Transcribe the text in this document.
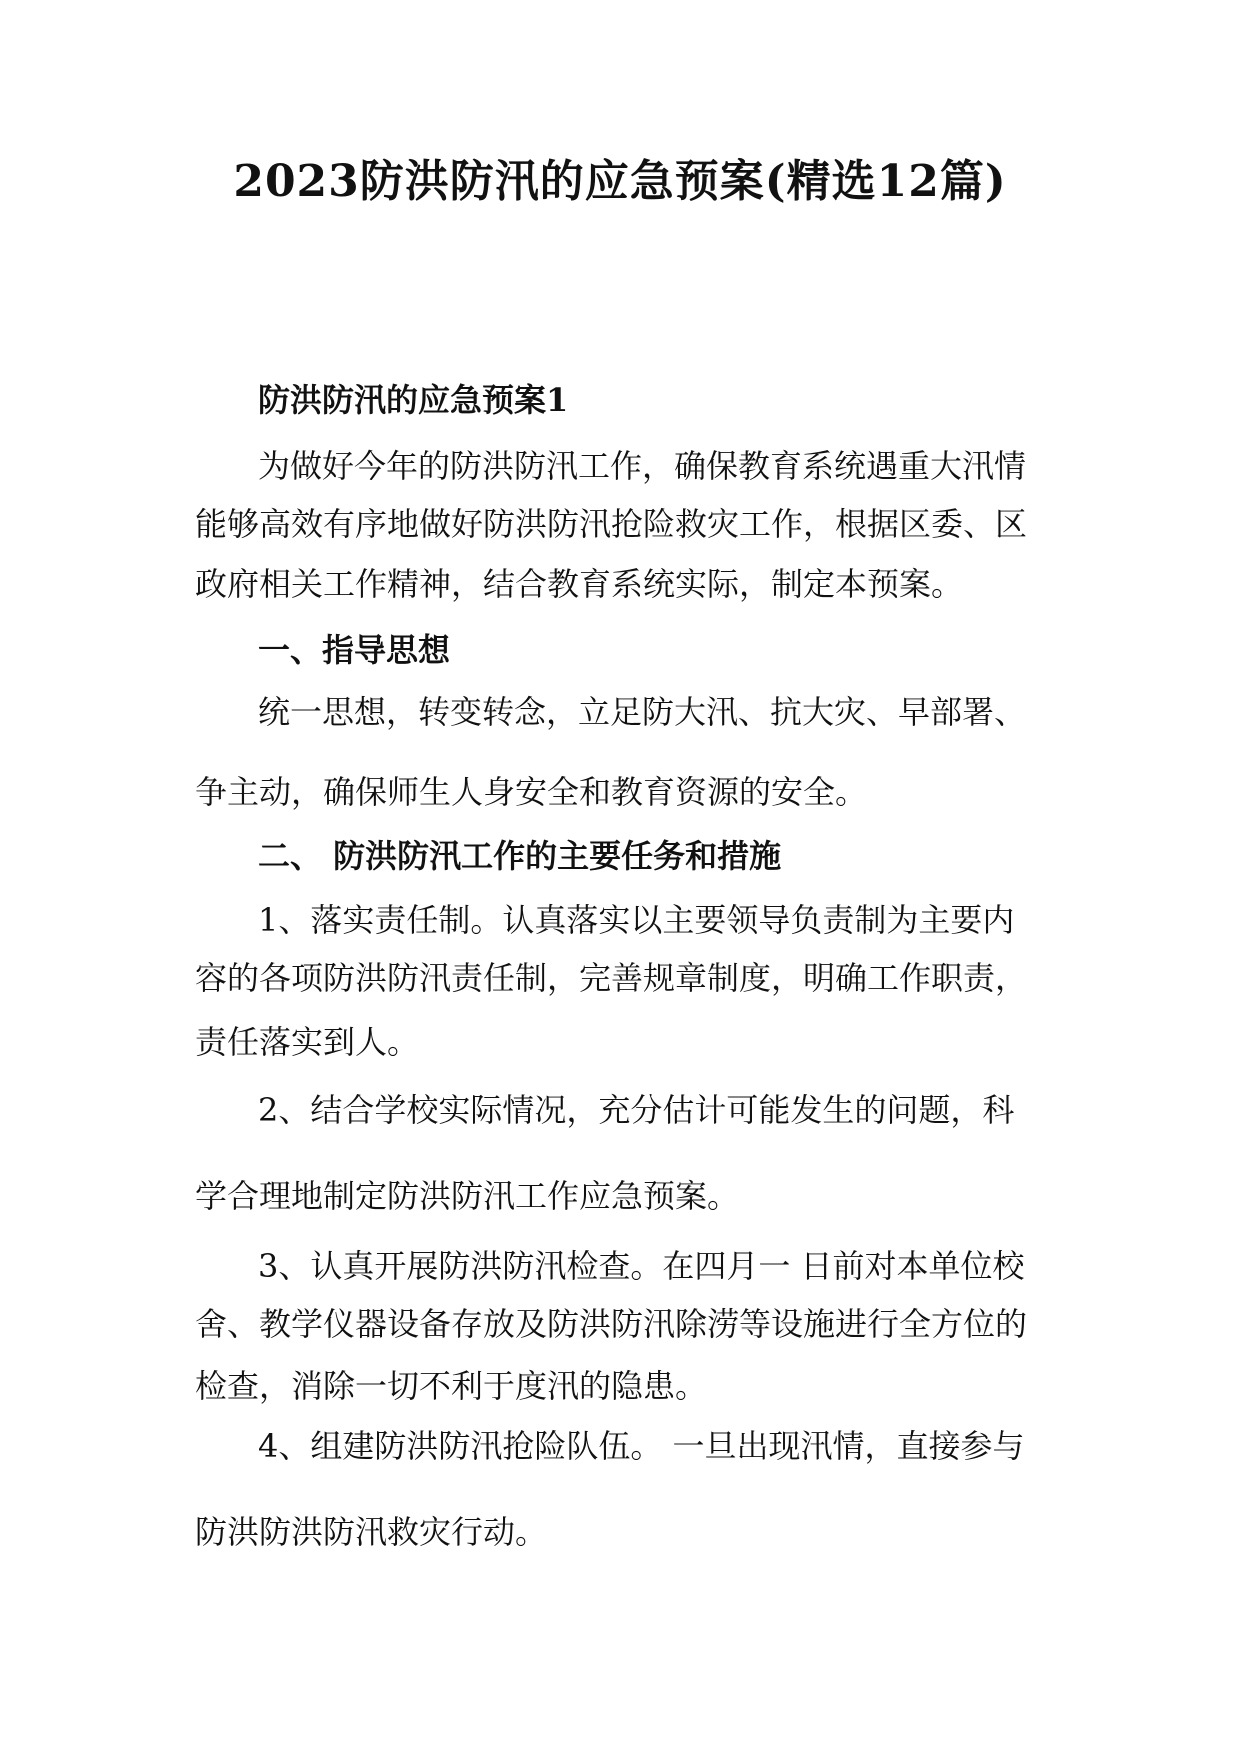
2023防洪防汛的应急预案(精选12篇)

防洪防汛的应急预案1

为做好今年的防洪防汛工作，确保教育系统遇重大汛情

能够高效有序地做好防洪防汛抢险救灾工作，根据区委、区

政府相关工作精神，结合教育系统实际，制定本预案。

一、指导思想

统一思想，转变转念，立足防大汛、抗大灾、早部署、

争主动，确保师生人身安全和教育资源的安全。

二、 防洪防汛工作的主要任务和措施

1、落实责任制。认真落实以主要领导负责制为主要内

容的各项防洪防汛责任制，完善规章制度，明确工作职责，

责任落实到人。

2、结合学校实际情况，充分估计可能发生的问题，科

学合理地制定防洪防汛工作应急预案。

3、认真开展防洪防汛检查。在四月一 日前对本单位校

舍、教学仪器设备存放及防洪防汛除涝等设施进行全方位的

检查，消除一切不利于度汛的隐患。

4、组建防洪防汛抢险队伍。 一旦出现汛情，直接参与

防洪防洪防汛救灾行动。
